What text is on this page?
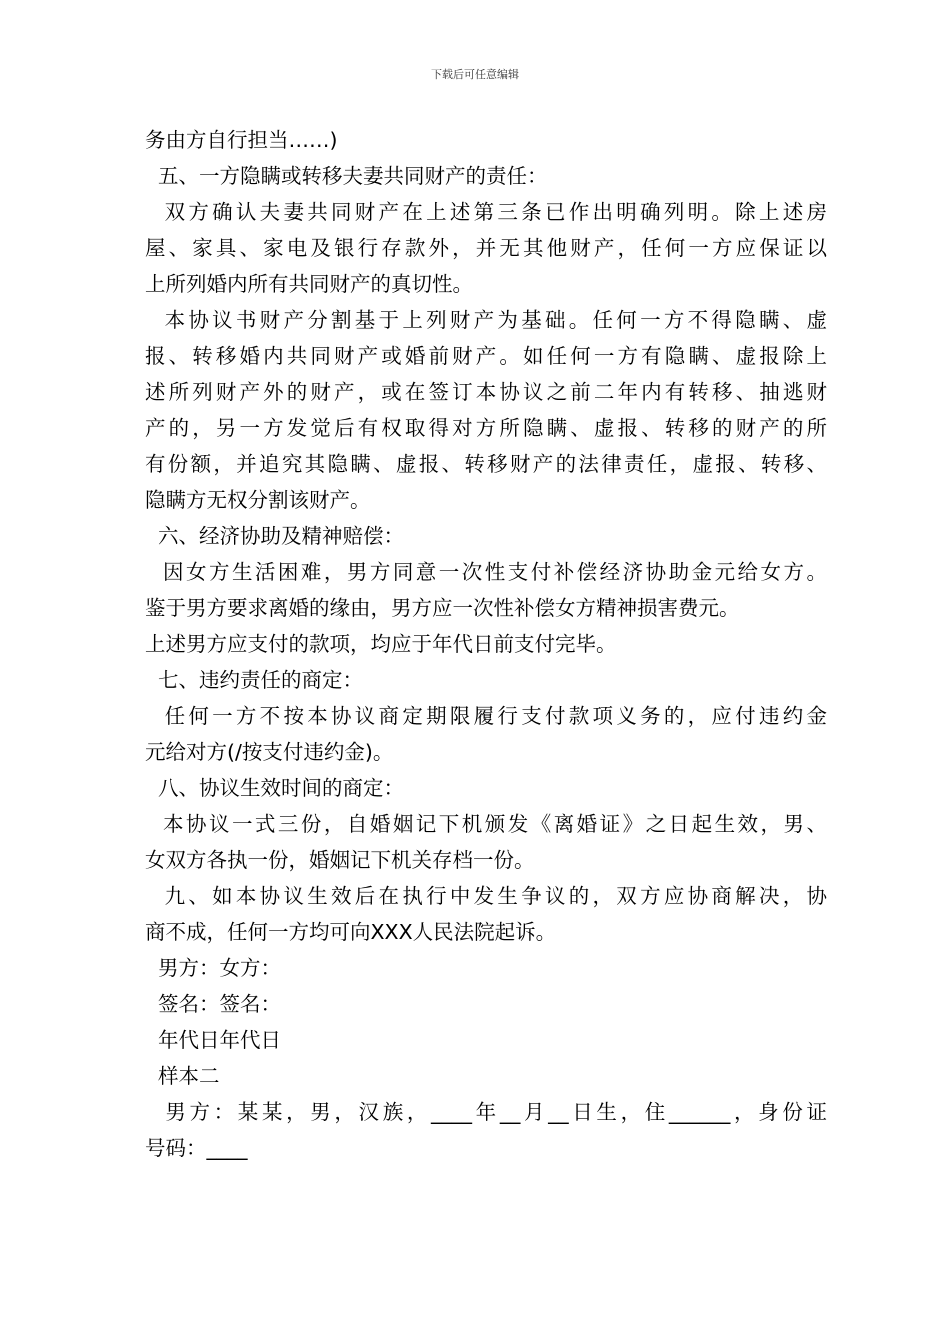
下载后可任意编辑
务由方自行担当……)
五、一方隐瞒或转移夫妻共同财产的责任：
双方确认夫妻共同财产在上述第三条已作出明确列明。除上述房
屋、家具、家电及银行存款外，并无其他财产，任何一方应保证以
上所列婚内所有共同财产的真切性。
本协议书财产分割基于上列财产为基础。任何一方不得隐瞒、虚
报、转移婚内共同财产或婚前财产。如任何一方有隐瞒、虚报除上
述所列财产外的财产，或在签订本协议之前二年内有转移、抽逃财
产的，另一方发觉后有权取得对方所隐瞒、虚报、转移的财产的所
有份额，并追究其隐瞒、虚报、转移财产的法律责任，虚报、转移、
隐瞒方无权分割该财产。
六、经济协助及精神赔偿：
因女方生活困难，男方同意一次性支付补偿经济协助金元给女方。
鉴于男方要求离婚的缘由，男方应一次性补偿女方精神损害费元。
上述男方应支付的款项，均应于年代日前支付完毕。
七、违约责任的商定：
任何一方不按本协议商定期限履行支付款项义务的，应付违约金
元给对方(/按支付违约金)。
八、协议生效时间的商定：
本协议一式三份，自婚姻记下机颁发《离婚证》之日起生效，男、
女双方各执一份，婚姻记下机关存档一份。
九、如本协议生效后在执行中发生争议的，双方应协商解决，协
商不成，任何一方均可向XXX人民法院起诉。
男方：女方：
签名：签名：
年代日年代日
样本二
男方：某某，男，汉族，____年__月__日生，住______，身份证
号码：____
